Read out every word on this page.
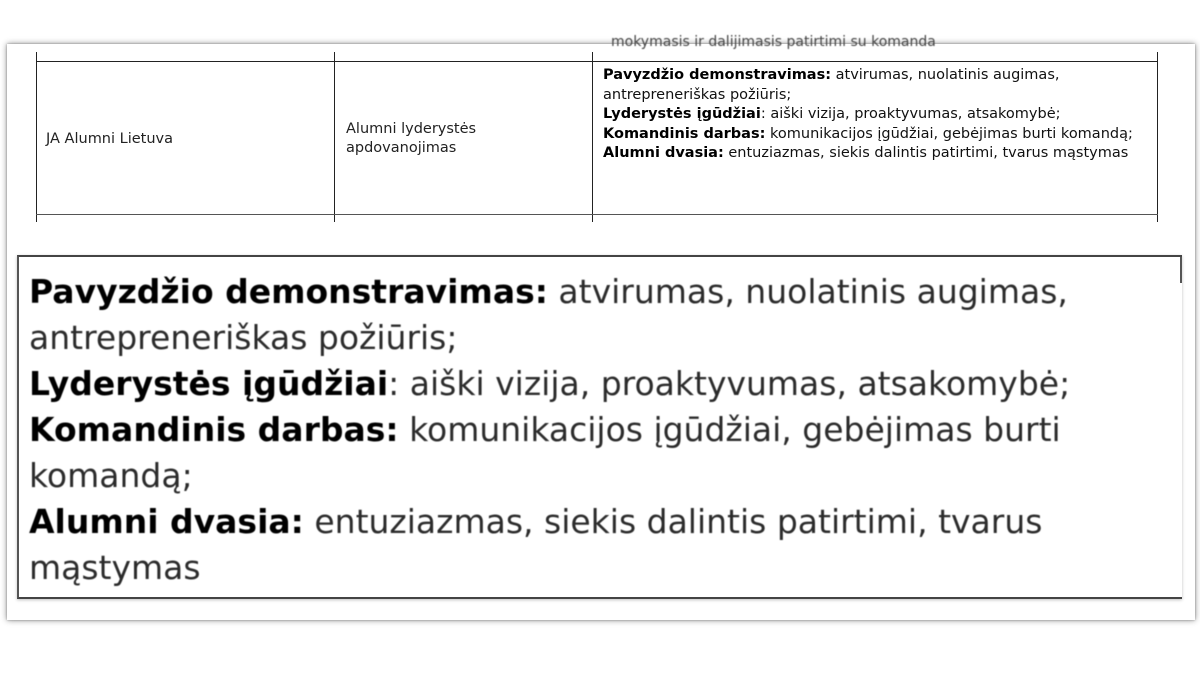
mokymasis ir dalijimasis patirtimi su komanda
JA Alumni Lietuva
Alumni lyderystės apdovanojimas
Pavyzdžio demonstravimas: atvirumas, nuolatinis augimas, antrepreneriškas požiūris;
Lyderystės įgūdžiai: aiški vizija, proaktyvumas, atsakomybė;
Komandinis darbas: komunikacijos įgūdžiai, gebėjimas burti komandą;
Alumni dvasia: entuziazmas, siekis dalintis patirtimi, tvarus mąstymas
Pavyzdžio demonstravimas: atvirumas, nuolatinis augimas, antrepreneriškas požiūris;
Lyderystės įgūdžiai: aiški vizija, proaktyvumas, atsakomybė;
Komandinis darbas: komunikacijos įgūdžiai, gebėjimas burti komandą;
Alumni dvasia: entuziazmas, siekis dalintis patirtimi, tvarus mąstymas
